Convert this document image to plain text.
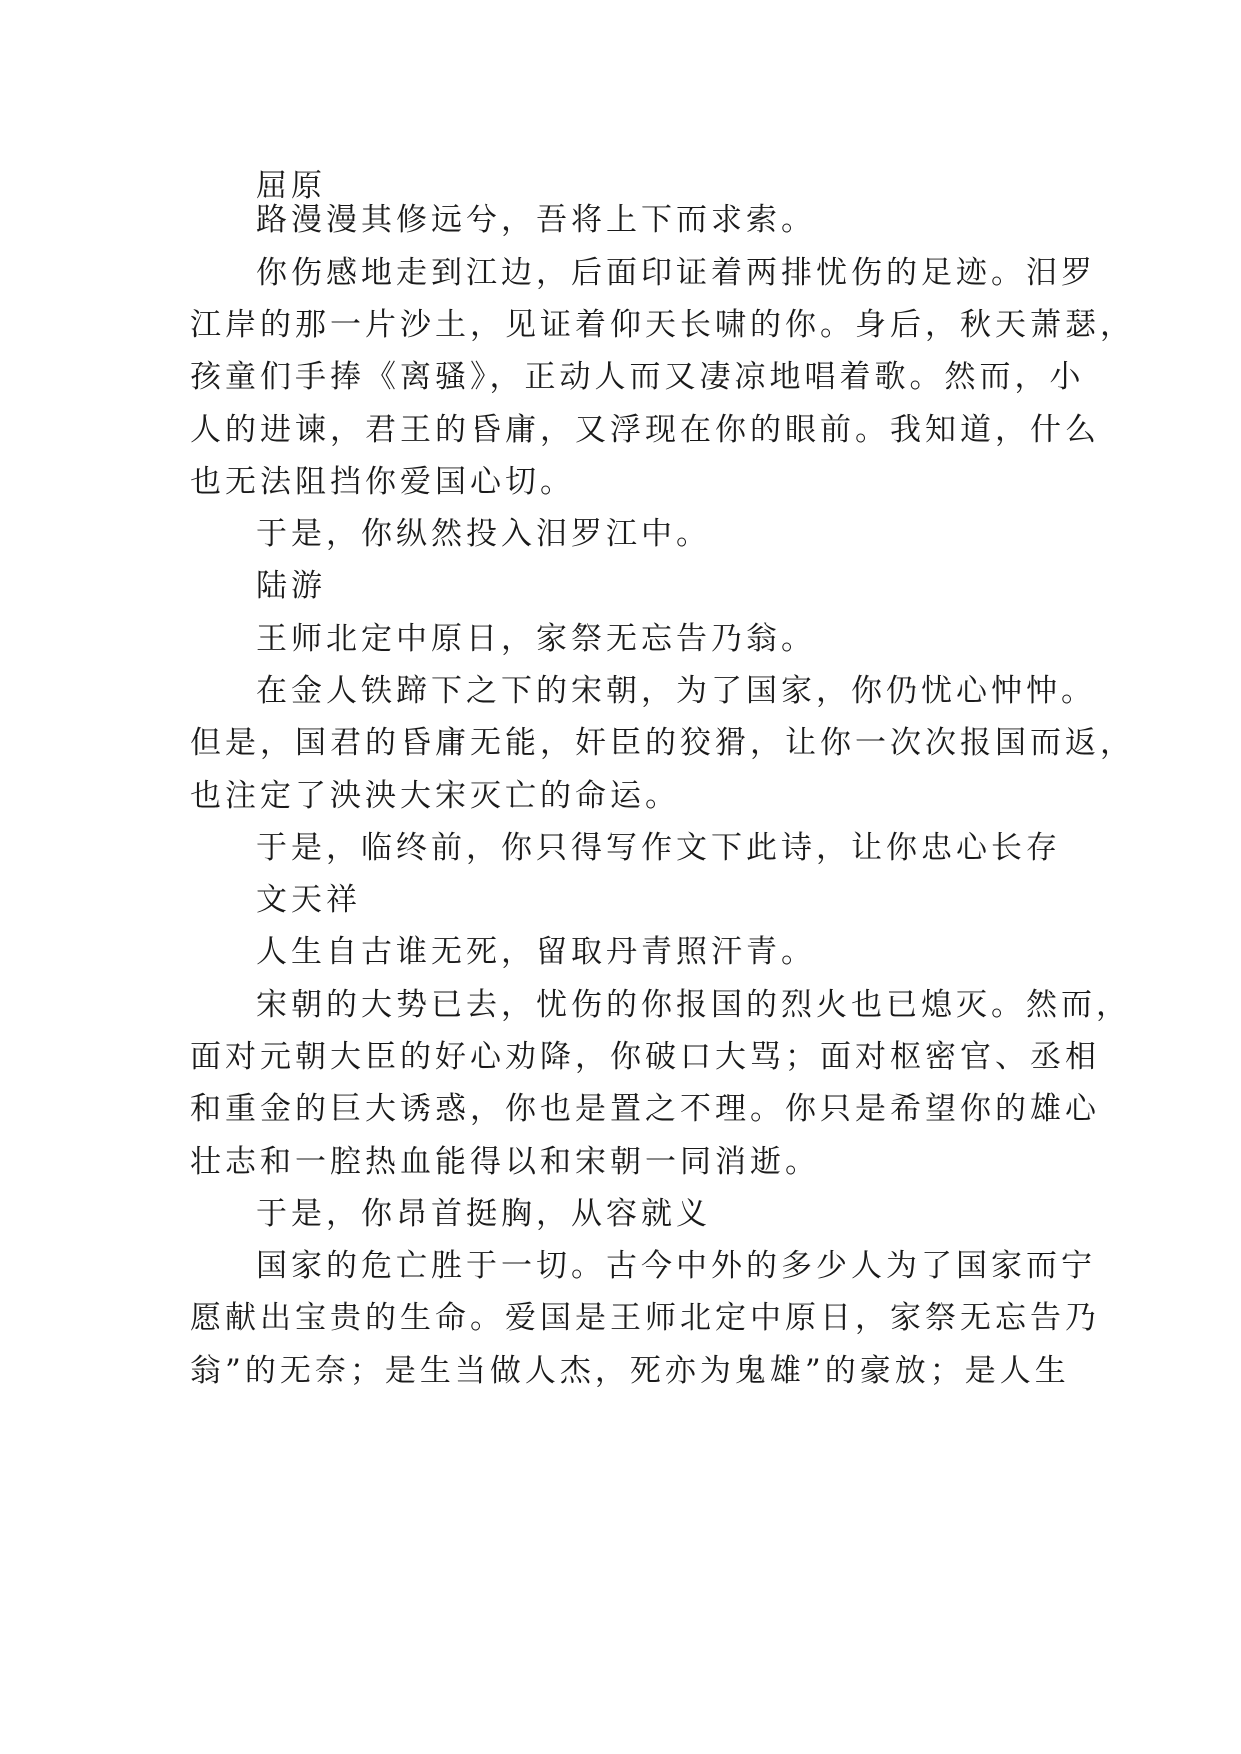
屈原
路漫漫其修远兮，吾将上下而求索。
你伤感地走到江边，后面印证着两排忧伤的足迹。汨罗
江岸的那一片沙土，见证着仰天长啸的你。身后，秋天萧瑟，
孩童们手捧《离骚》，正动人而又凄凉地唱着歌。然而，小
人的进谏，君王的昏庸，又浮现在你的眼前。我知道，什么
也无法阻挡你爱国心切。
于是，你纵然投入汨罗江中。
陆游
王师北定中原日，家祭无忘告乃翁。
在金人铁蹄下之下的宋朝，为了国家，你仍忧心忡忡。
但是，国君的昏庸无能，奸臣的狡猾，让你一次次报国而返，
也注定了泱泱大宋灭亡的命运。
于是，临终前，你只得写作文下此诗，让你忠心长存
文天祥
人生自古谁无死，留取丹青照汗青。
宋朝的大势已去，忧伤的你报国的烈火也已熄灭。然而，
面对元朝大臣的好心劝降，你破口大骂；面对枢密官、丞相
和重金的巨大诱惑，你也是置之不理。你只是希望你的雄心
壮志和一腔热血能得以和宋朝一同消逝。
于是，你昂首挺胸，从容就义
国家的危亡胜于一切。古今中外的多少人为了国家而宁
愿献出宝贵的生命。爱国是王师北定中原日，家祭无忘告乃
翁”的无奈；是生当做人杰，死亦为鬼雄”的豪放；是人生
